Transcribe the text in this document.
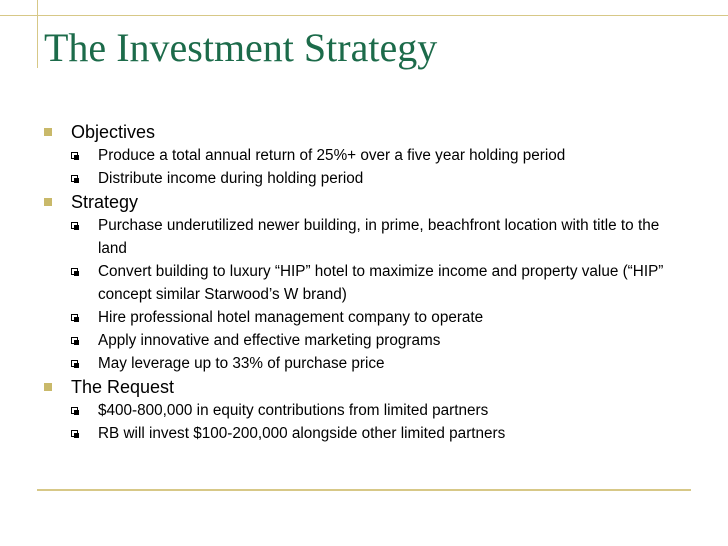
The Investment Strategy
Objectives
Produce a total annual return of 25%+ over a five year holding period
Distribute income during holding period
Strategy
Purchase underutilized newer building, in prime, beachfront location with title to the land
Convert building to luxury “HIP” hotel to maximize income and property value (“HIP” concept similar Starwood’s W brand)
Hire professional hotel management company to operate
Apply innovative and effective marketing programs
May leverage up to 33% of purchase price
The Request
$400-800,000 in equity contributions from limited partners
RB will invest $100-200,000 alongside other limited partners
